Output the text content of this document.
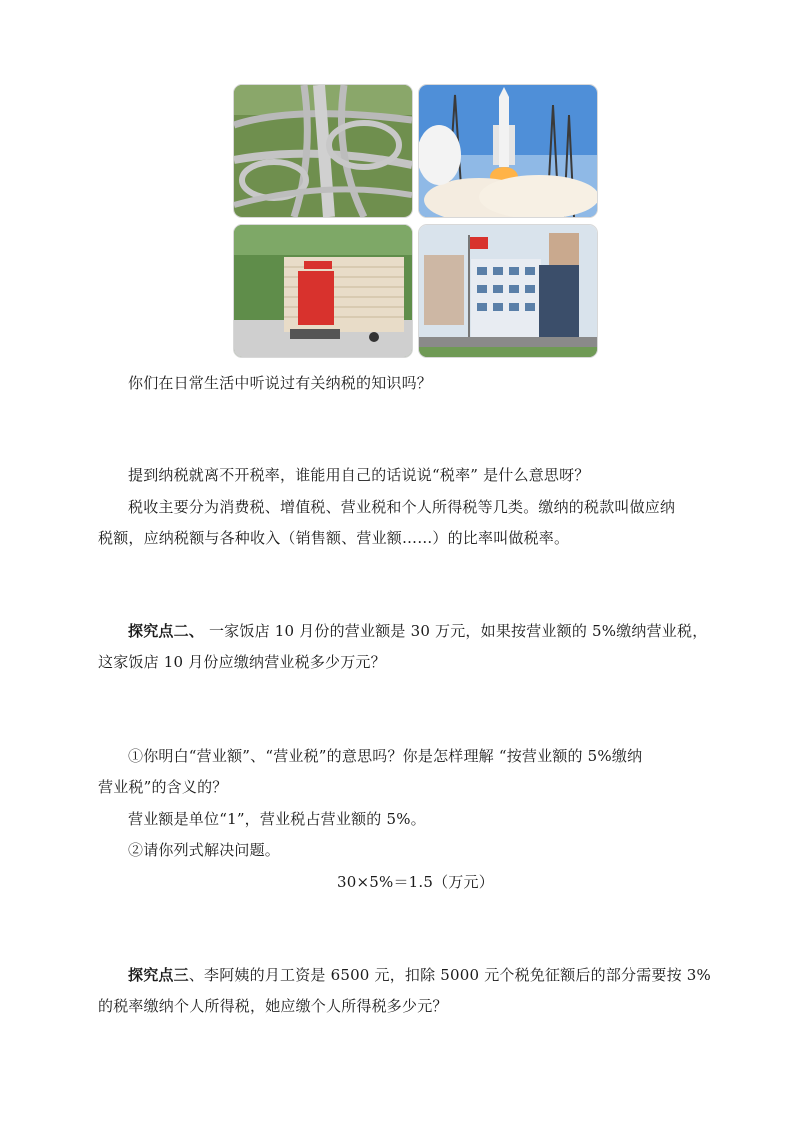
你们在日常生活中听说过有关纳税的知识吗？
提到纳税就离不开税率，谁能用自己的话说说“税率” 是什么意思呀？
税收主要分为消费税、增值税、营业税和个人所得税等几类。缴纳的税款叫做应纳
税额，应纳税额与各种收入（销售额、营业额……）的比率叫做税率。
探究点二、 一家饭店 10 月份的营业额是 30 万元，如果按营业额的 5%缴纳营业税，
这家饭店 10 月份应缴纳营业税多少万元？
①你明白“营业额”、“营业税”的意思吗？你是怎样理解 “按营业额的 5%缴纳
营业税”的含义的？
营业额是单位“1”，营业税占营业额的 5%。
②请你列式解决问题。
30×5%＝1.5（万元）
探究点三、李阿姨的月工资是 6500 元，扣除 5000 元个税免征额后的部分需要按 3%
的税率缴纳个人所得税，她应缴个人所得税多少元？
